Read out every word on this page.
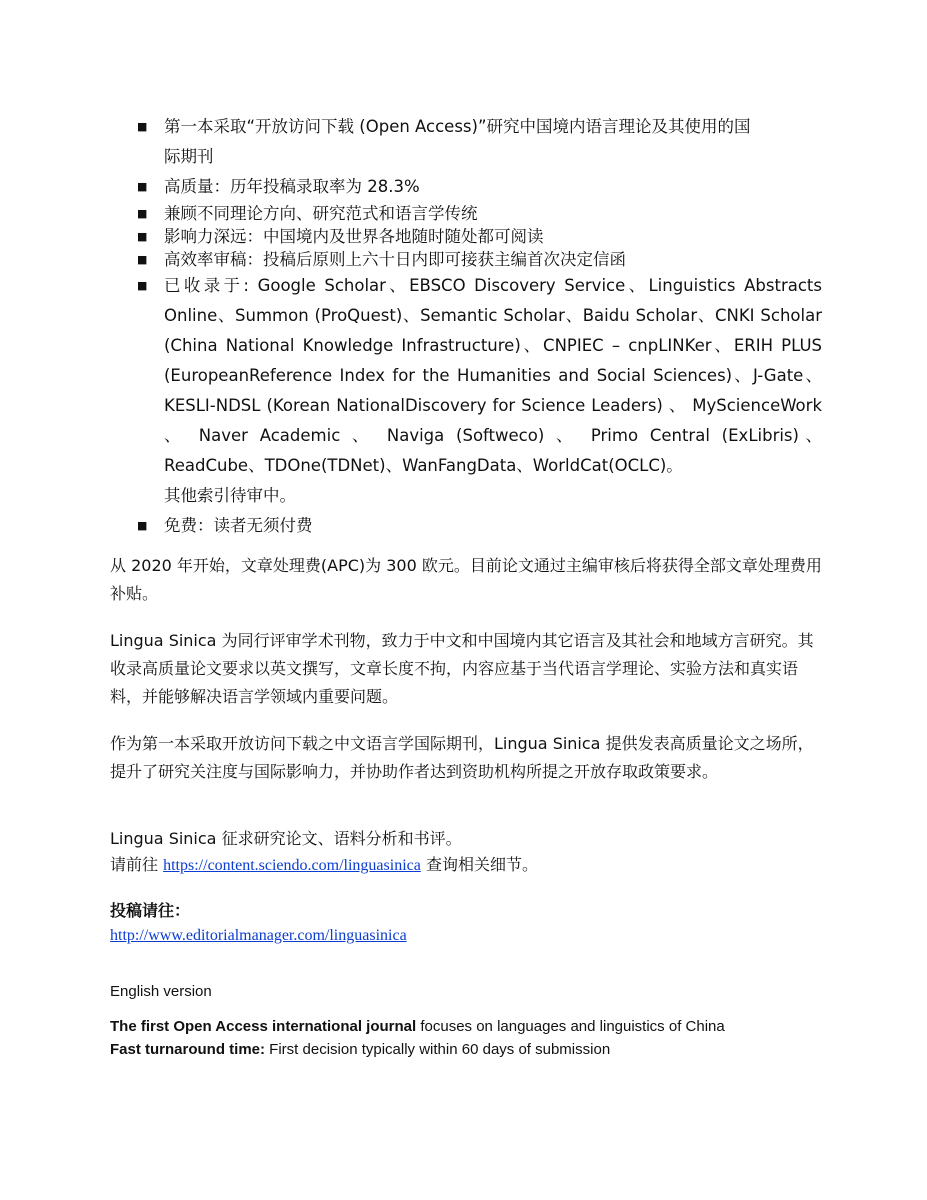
■ 第一本采取“开放访问下载 (Open Access)”研究中国境内语言理论及其使用的国
际期刊
■ 高质量：历年投稿录取率为 28.3%
■ 兼顾不同理论方向、研究范式和语言学传统
■ 影响力深远：中国境内及世界各地随时随处都可阅读
■ 高效率审稿：投稿后原则上六十日内即可接获主编首次决定信函
■ 已收录于: Google Scholar、EBSCO Discovery Service、Linguistics Abstracts Online、Summon (ProQuest)、Semantic Scholar、Baidu Scholar、CNKI Scholar (China National Knowledge Infrastructure)、CNPIEC – cnpLINKer、ERIH PLUS (EuropeanReference Index for the Humanities and Social Sciences)、J-Gate、KESLI-NDSL (Korean NationalDiscovery for Science Leaders) 、 MyScienceWork 、 Naver Academic 、 Naviga (Softweco) 、 Primo Central (ExLibris)、ReadCube、TDOne(TDNet)、WanFangData、WorldCat(OCLC)。
其他索引待审中。
■ 免费：读者无须付费

从 2020 年开始，文章处理费(APC)为 300 欧元。目前论文通过主编审核后将获得全部文章处理费用补贴。

Lingua Sinica 为同行评审学术刊物，致力于中文和中国境内其它语言及其社会和地域方言研究。其收录高质量论文要求以英文撰写，文章长度不拘，内容应基于当代语言学理论、实验方法和真实语料，并能够解决语言学领域内重要问题。

作为第一本采取开放访问下载之中文语言学国际期刊，Lingua Sinica 提供发表高质量论文之场所，提升了研究关注度与国际影响力，并协助作者达到资助机构所提之开放存取政策要求。

Lingua Sinica 征求研究论文、语料分析和书评。

请前往 https://content.sciendo.com/linguasinica 查询相关细节。

投稿请往：
http://www.editorialmanager.com/linguasinica

English version

The first Open Access international journal focuses on languages and linguistics of China
Fast turnaround time: First decision typically within 60 days of submission
